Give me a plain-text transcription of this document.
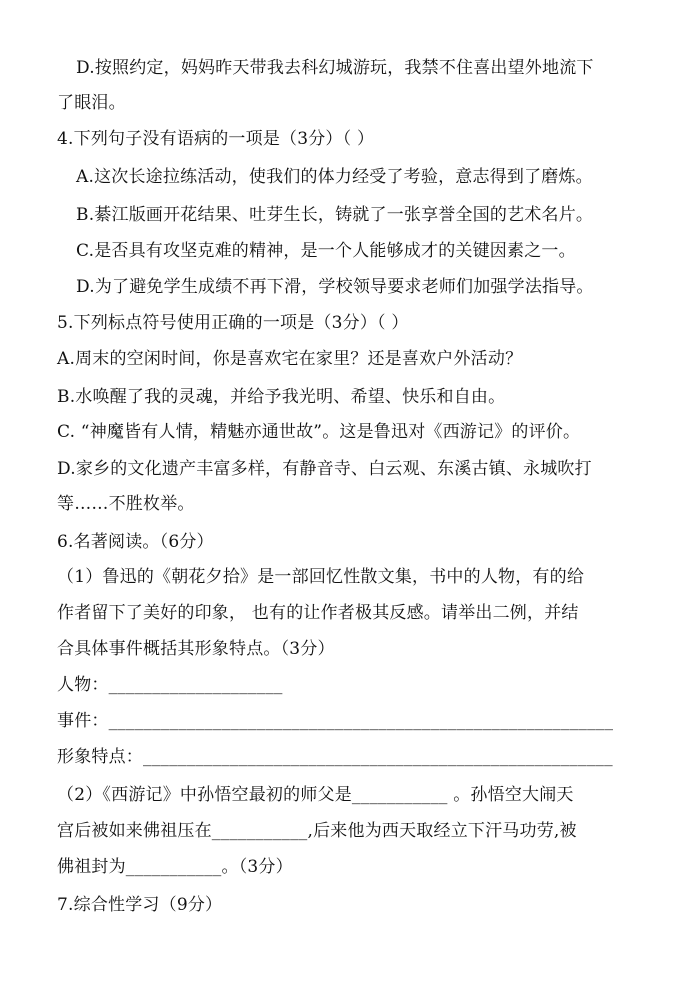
D.按照约定，妈妈昨天带我去科幻城游玩，我禁不住喜出望外地流下
了眼泪。
4.下列句子没有语病的一项是（3分）（ ）
A.这次长途拉练活动，使我们的体力经受了考验，意志得到了磨炼。
B.綦江版画开花结果、吐芽生长，铸就了一张享誉全国的艺术名片。
C.是否具有攻坚克难的精神，是一个人能够成才的关键因素之一。
D.为了避免学生成绩不再下滑，学校领导要求老师们加强学法指导。
5.下列标点符号使用正确的一项是（3分）（ ）
A.周末的空闲时间，你是喜欢宅在家里？还是喜欢户外活动？
B.水唤醒了我的灵魂，并给予我光明、希望、快乐和自由。
C. “神魔皆有人情，精魅亦通世故”。这是鲁迅对《西游记》的评价。
D.家乡的文化遗产丰富多样，有静音寺、白云观、东溪古镇、永城吹打
等……不胜枚举。
6.名著阅读。（6分）
（1）鲁迅的《朝花夕拾》是一部回忆性散文集，书中的人物，有的给
作者留下了美好的印象， 也有的让作者极其反感。请举出二例，并结
合具体事件概括其形象特点。（3分）
人物：____________________
事件：__________________________________________________________
形象特点：______________________________________________________
（2）《西游记》中孙悟空最初的师父是___________ 。孙悟空大闹天
宫后被如来佛祖压在___________,后来他为西天取经立下汗马功劳,被
佛祖封为___________。（3分）
7.综合性学习（9分）
